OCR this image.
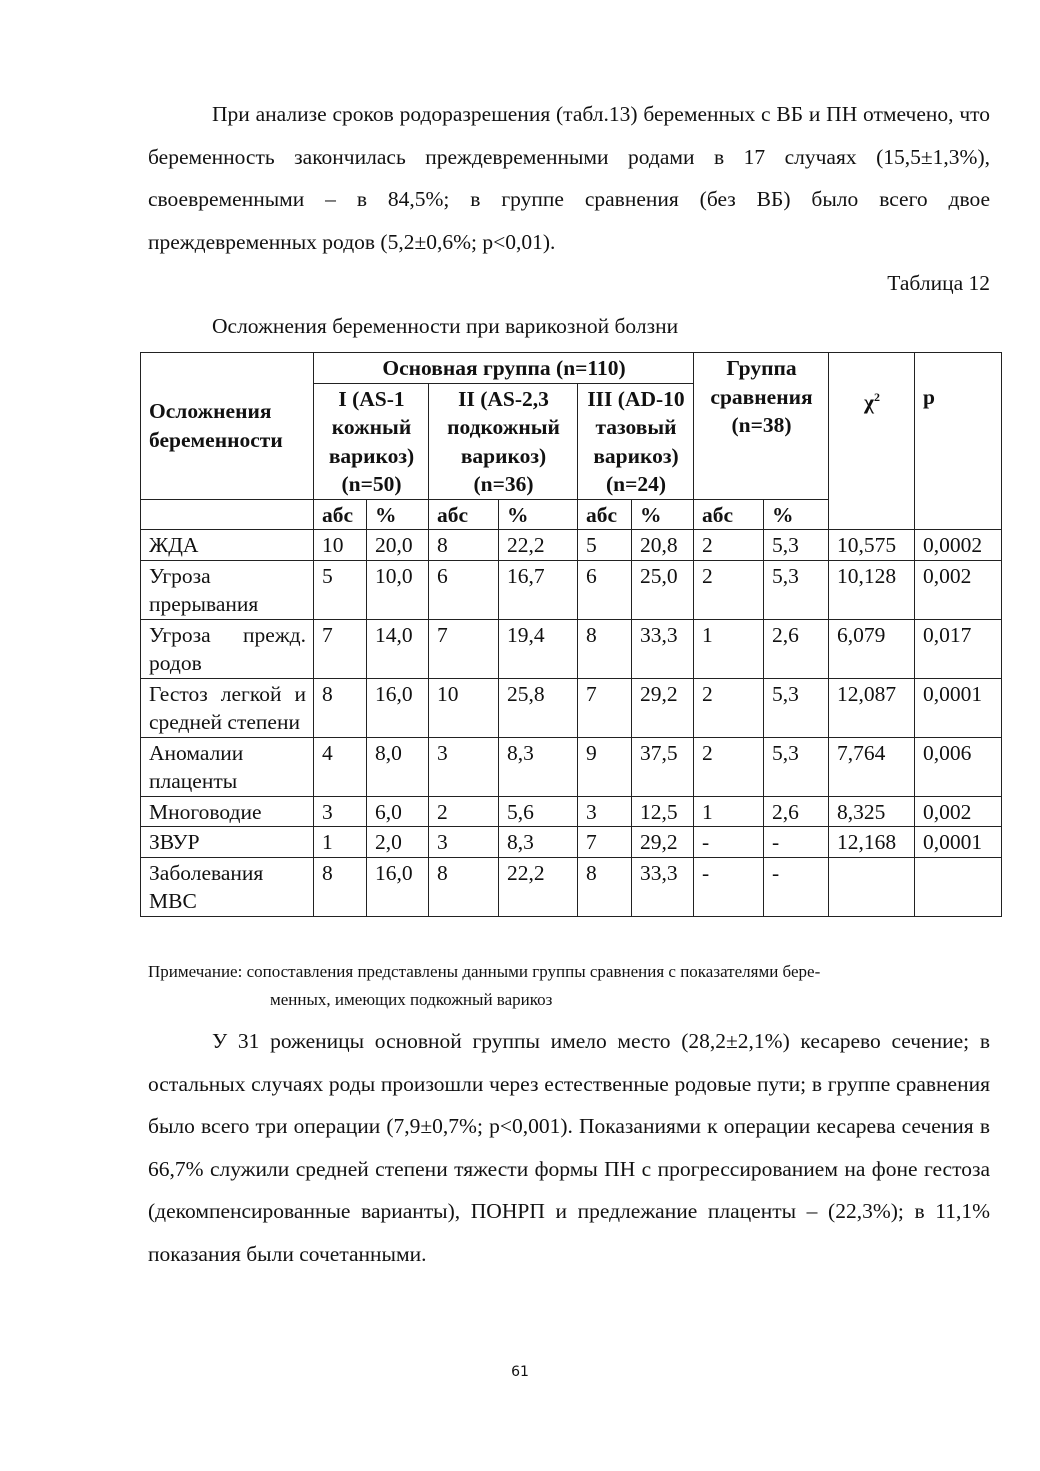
При анализе сроков родоразрешения (табл.13) беременных с ВБ и ПН отмечено, что беременность закончилась преждевременными родами в 17 случаях (15,5±1,3%), своевременными – в 84,5%; в группе сравнения (без ВБ) было всего двое преждевременных родов (5,2±0,6%; p<0,01).

Таблица 12
Осложнения беременности при варикозной болзни
Осложнения беременности	Основная группа (n=110)						Группа сравнения (n=38)		$\chi^2$	p
	I (AS-1 кожный варикоз) (n=50)		II (AS-2,3 подкожный варикоз) (n=36)		III (AD-10 тазовый варикоз) (n=24)					
	абс	%	абс	%	абс	%	абс	%		
ЖДА	10	20,0	8	22,2	5	20,8	2	5,3	10,575	0,0002
Угроза прерывания	5	10,0	6	16,7	6	25,0	2	5,3	10,128	0,002
Угроза прежд. родов	7	14,0	7	19,4	8	33,3	1	2,6	6,079	0,017
Гестоз легкой и средней степени	8	16,0	10	25,8	7	29,2	2	5,3	12,087	0,0001
Аномалии плаценты	4	8,0	3	8,3	9	37,5	2	5,3	7,764	0,006
Многоводие	3	6,0	2	5,6	3	12,5	1	2,6	8,325	0,002
ЗВУР	1	2,0	3	8,3	7	29,2	-	-	12,168	0,0001
Заболевания МВС	8	16,0	8	22,2	8	33,3	-	-		

Примечание: сопоставления представлены данными группы сравнения с показателями бере-
менных, имеющих подкожный варикоз

У 31 роженицы основной группы имело место (28,2±2,1%) кесарево сечение; в остальных случаях роды произошли через естественные родовые пути; в группе сравнения было всего три операции (7,9±0,7%; p<0,001). Показаниями к операции кесарева сечения в 66,7% служили средней степени тяжести формы ПН с прогрессированием на фоне гестоза (декомпенсированные варианты), ПОНРП и предлежание плаценты – (22,3%); в 11,1% показания были сочетанными.

61
